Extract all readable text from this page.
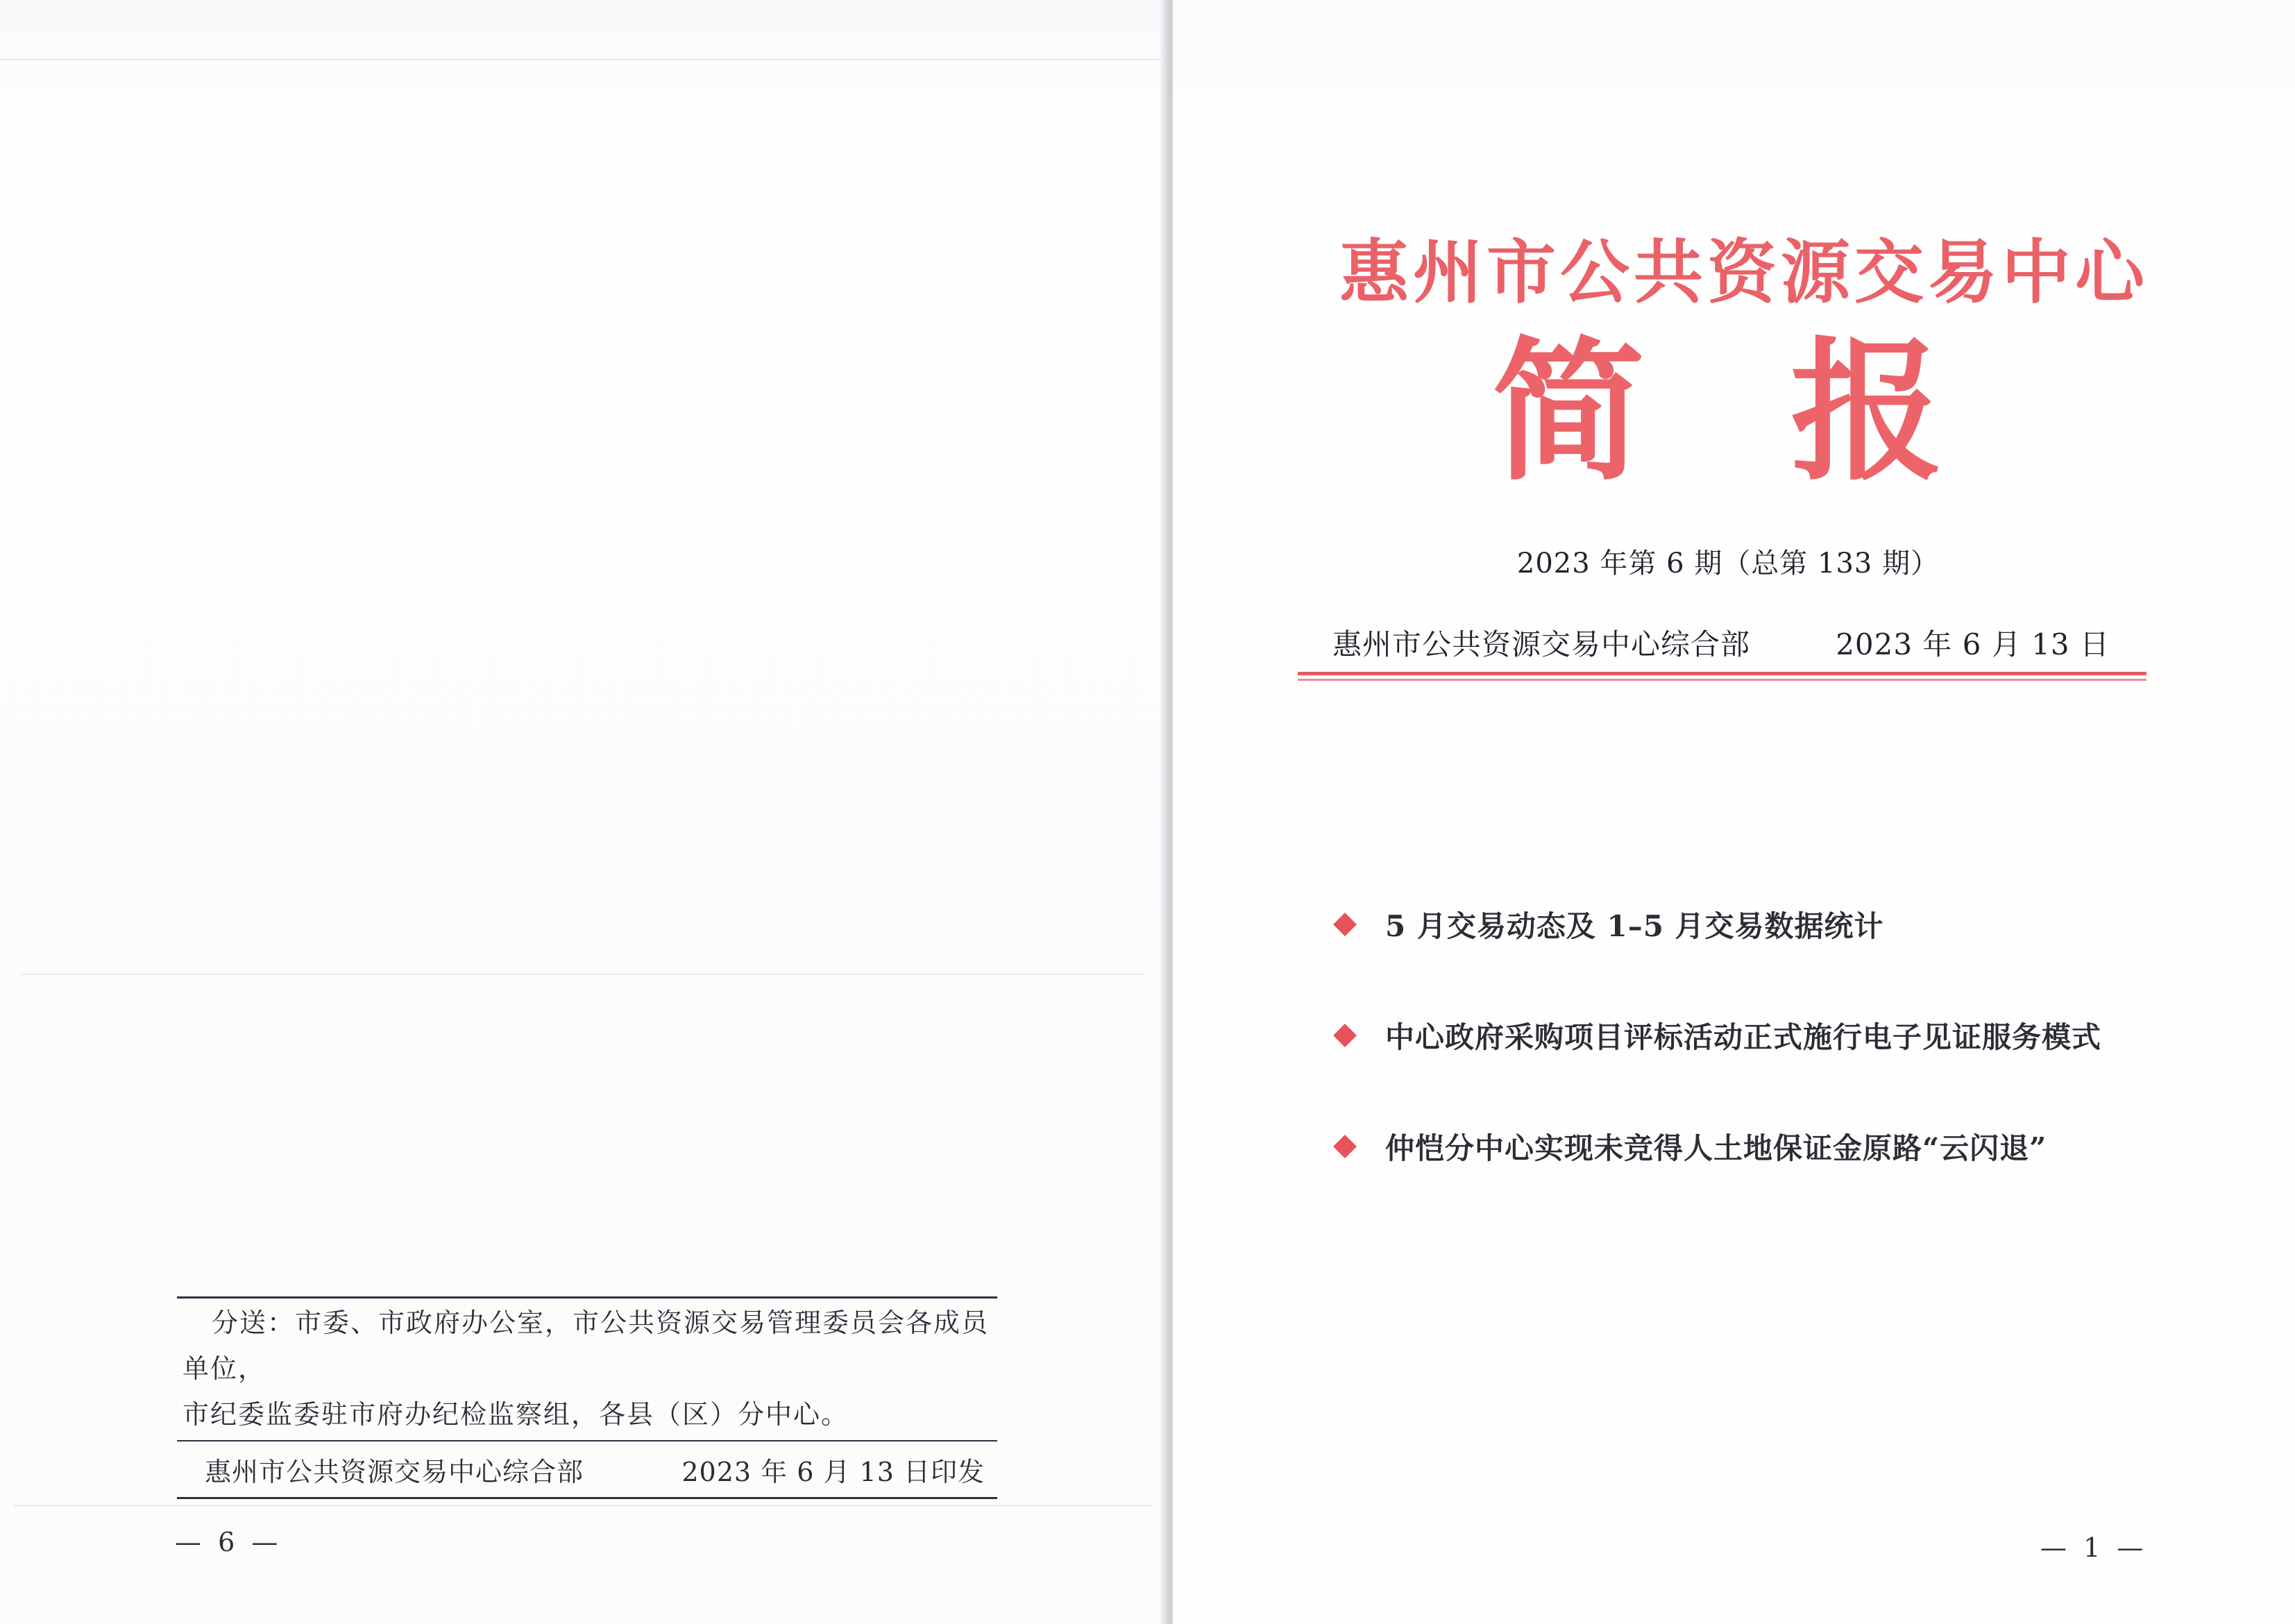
分送：市委、市政府办公室，市公共资源交易管理委员会各成员单位，
市纪委监委驻市府办纪检监察组，各县（区）分中心。
惠州市公共资源交易中心综合部	2023 年 6 月 13 日印发
— 6 —
惠州市公共资源交易中心
简 报
2023 年第 6 期（总第 133 期）
惠州市公共资源交易中心综合部	2023 年 6 月 13 日
5 月交易动态及 1–5 月交易数据统计
中心政府采购项目评标活动正式施行电子见证服务模式
仲恺分中心实现未竞得人土地保证金原路“云闪退”
— 1 —
